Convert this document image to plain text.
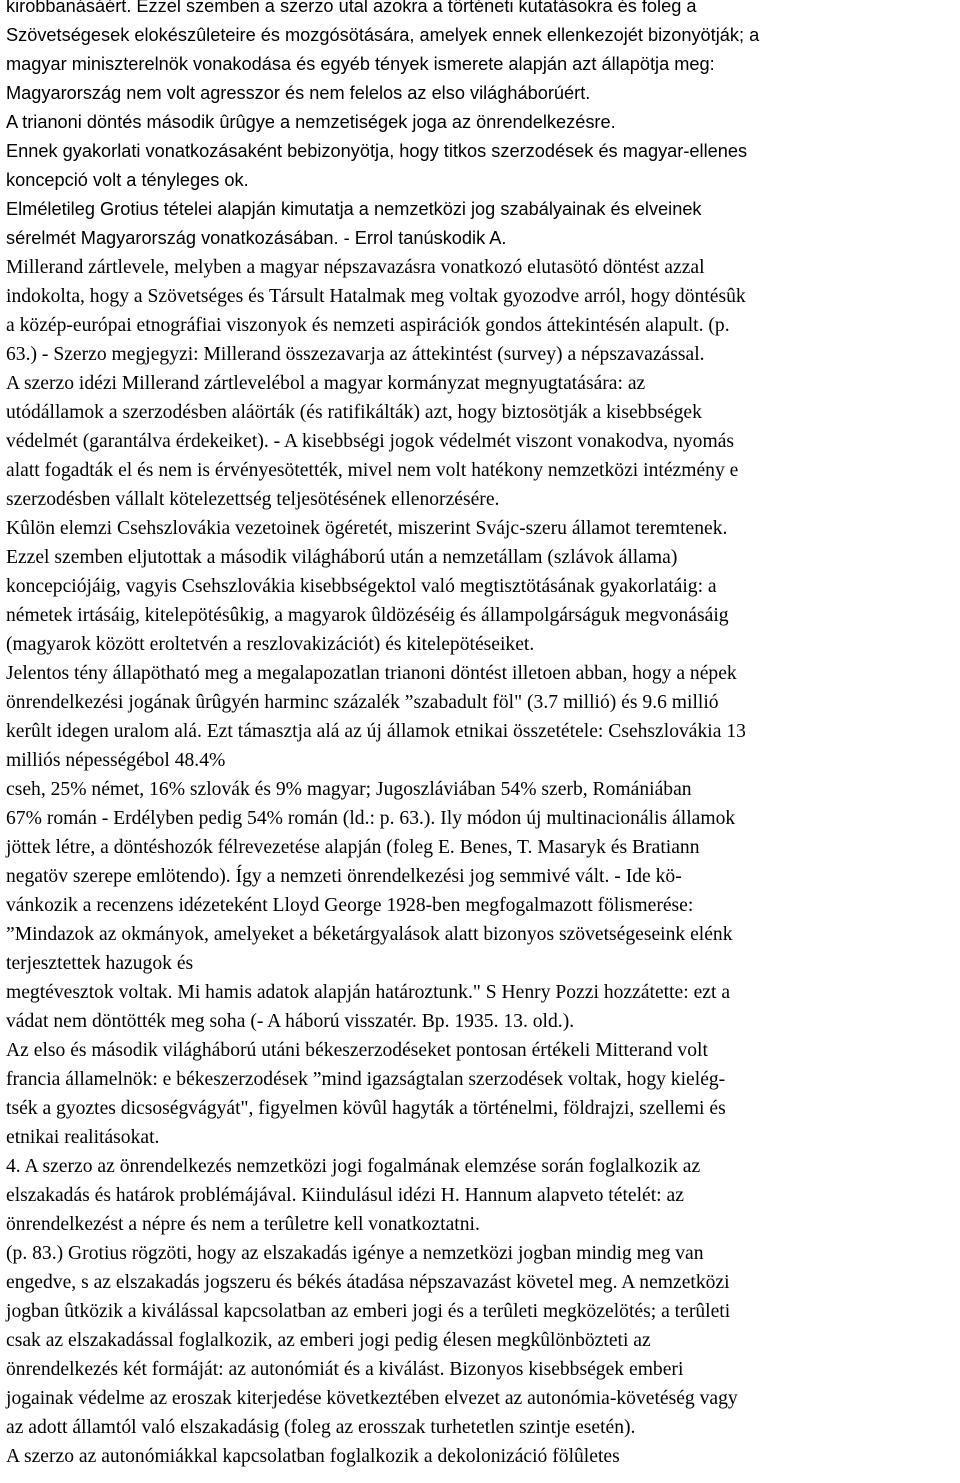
kirobbanásáért. Ezzel szemben a szerzo utal azokra a történeti kutatásokra és foleg a
Szövetségesek elokészûleteire és mozgósötására, amelyek ennek ellenkezojét bizonyötják; a
magyar miniszterelnök vonakodása és egyéb tények ismerete alapján azt állapötja meg:
Magyarország nem volt agresszor és nem felelos az elso világháborúért.
A trianoni döntés második ûrûgye a nemzetiségek joga az önrendelkezésre.
Ennek gyakorlati vonatkozásaként bebizonyötja, hogy titkos szerzodések és magyar-ellenes
koncepció volt a tényleges ok.
Elméletileg Grotius tételei alapján kimutatja a nemzetközi jog szabályainak és elveinek
sérelmét Magyarország vonatkozásában. - Errol tanúskodik A.
Millerand zártlevele, melyben a magyar népszavazásra vonatkozó elutasötó döntést azzal
indokolta, hogy a Szövetséges és Társult Hatalmak meg voltak gyozodve arról, hogy döntésûk
a közép-európai etnográfiai viszonyok és nemzeti aspirációk gondos áttekintésén alapult. (p.
63.) - Szerzo megjegyzi: Millerand összezavarja az áttekintést (survey) a népszavazással.
A szerzo idézi Millerand zártlevelébol a magyar kormányzat megnyugtatására: az
utódállamok a szerzodésben aláörták (és ratifikálták) azt, hogy biztosötják a kisebbségek
védelmét (garantálva érdekeiket). - A kisebbségi jogok védelmét viszont vonakodva, nyomás
alatt fogadták el és nem is érvényesötették, mivel nem volt hatékony nemzetközi intézmény e
szerzodésben vállalt kötelezettség teljesötésének ellenorzésére.
Kûlön elemzi Csehszlovákia vezetoinek ögéretét, miszerint Svájc-szeru államot teremtenek.
Ezzel szemben eljutottak a második világháború után a nemzetállam (szlávok állama)
koncepciójáig, vagyis Csehszlovákia kisebbségektol való megtisztötásának gyakorlatáig: a
németek irtásáig, kitelepötésûkig, a magyarok ûldözéséig és állampolgárságuk megvonásáig
(magyarok között eroltetvén a reszlovakizációt) és kitelepötéseiket.
Jelentos tény állapötható meg a megalapozatlan trianoni döntést illetoen abban, hogy a népek
önrendelkezési jogának ûrûgyén harminc százalék ”szabadult föl" (3.7 millió) és 9.6 millió
kerûlt idegen uralom alá. Ezt támasztja alá az új államok etnikai összetétele: Csehszlovákia 13
milliós népességébol 48.4%
cseh, 25% német, 16% szlovák és 9% magyar; Jugoszláviában 54% szerb, Romániában
67% román - Erdélyben pedig 54% román (ld.: p. 63.). Ily módon új multinacionális államok
jöttek létre, a döntéshozók félrevezetése alapján (foleg E. Benes, T. Masaryk és Bratiann
negatöv szerepe emlötendo). Így a nemzeti önrendelkezési jog semmivé vált. - Ide kö-
vánkozik a recenzens idézeteként Lloyd George 1928-ben megfogalmazott fölismerése:
”Mindazok az okmányok, amelyeket a béketárgyalások alatt bizonyos szövetségeseink elénk
terjesztettek hazugok és
megtévesztok voltak. Mi hamis adatok alapján határoztunk." S Henry Pozzi hozzátette: ezt a
vádat nem döntötték meg soha (- A háború visszatér. Bp. 1935. 13. old.).
Az elso és második világháború utáni békeszerzodéseket pontosan értékeli Mitterand volt
francia államelnök: e békeszerzodések ”mind igazságtalan szerzodések voltak, hogy kielég-
tsék a gyoztes dicsoségvágyát", figyelmen kövûl hagyták a történelmi, földrajzi, szellemi és
etnikai realitásokat.
4. A szerzo az önrendelkezés nemzetközi jogi fogalmának elemzése során foglalkozik az
elszakadás és határok problémájával. Kiindulásul idézi H. Hannum alapveto tételét: az
önrendelkezést a népre és nem a terûletre kell vonatkoztatni.
(p. 83.) Grotius rögzöti, hogy az elszakadás igénye a nemzetközi jogban mindig meg van
engedve, s az elszakadás jogszeru és békés átadása népszavazást követel meg. A nemzetközi
jogban ûtközik a kiválással kapcsolatban az emberi jogi és a terûleti megközelötés; a terûleti
csak az elszakadással foglalkozik, az emberi jogi pedig élesen megkûlönbözteti az
önrendelkezés két formáját: az autonómiát és a kiválást. Bizonyos kisebbségek emberi
jogainak védelme az eroszak kiterjedése következtében elvezet az autonómia-követéség vagy
az adott államtól való elszakadásig (foleg az erosszak turhetetlen szintje esetén).
A szerzo az autonómiákkal kapcsolatban foglalkozik a dekolonizáció fölûletes
